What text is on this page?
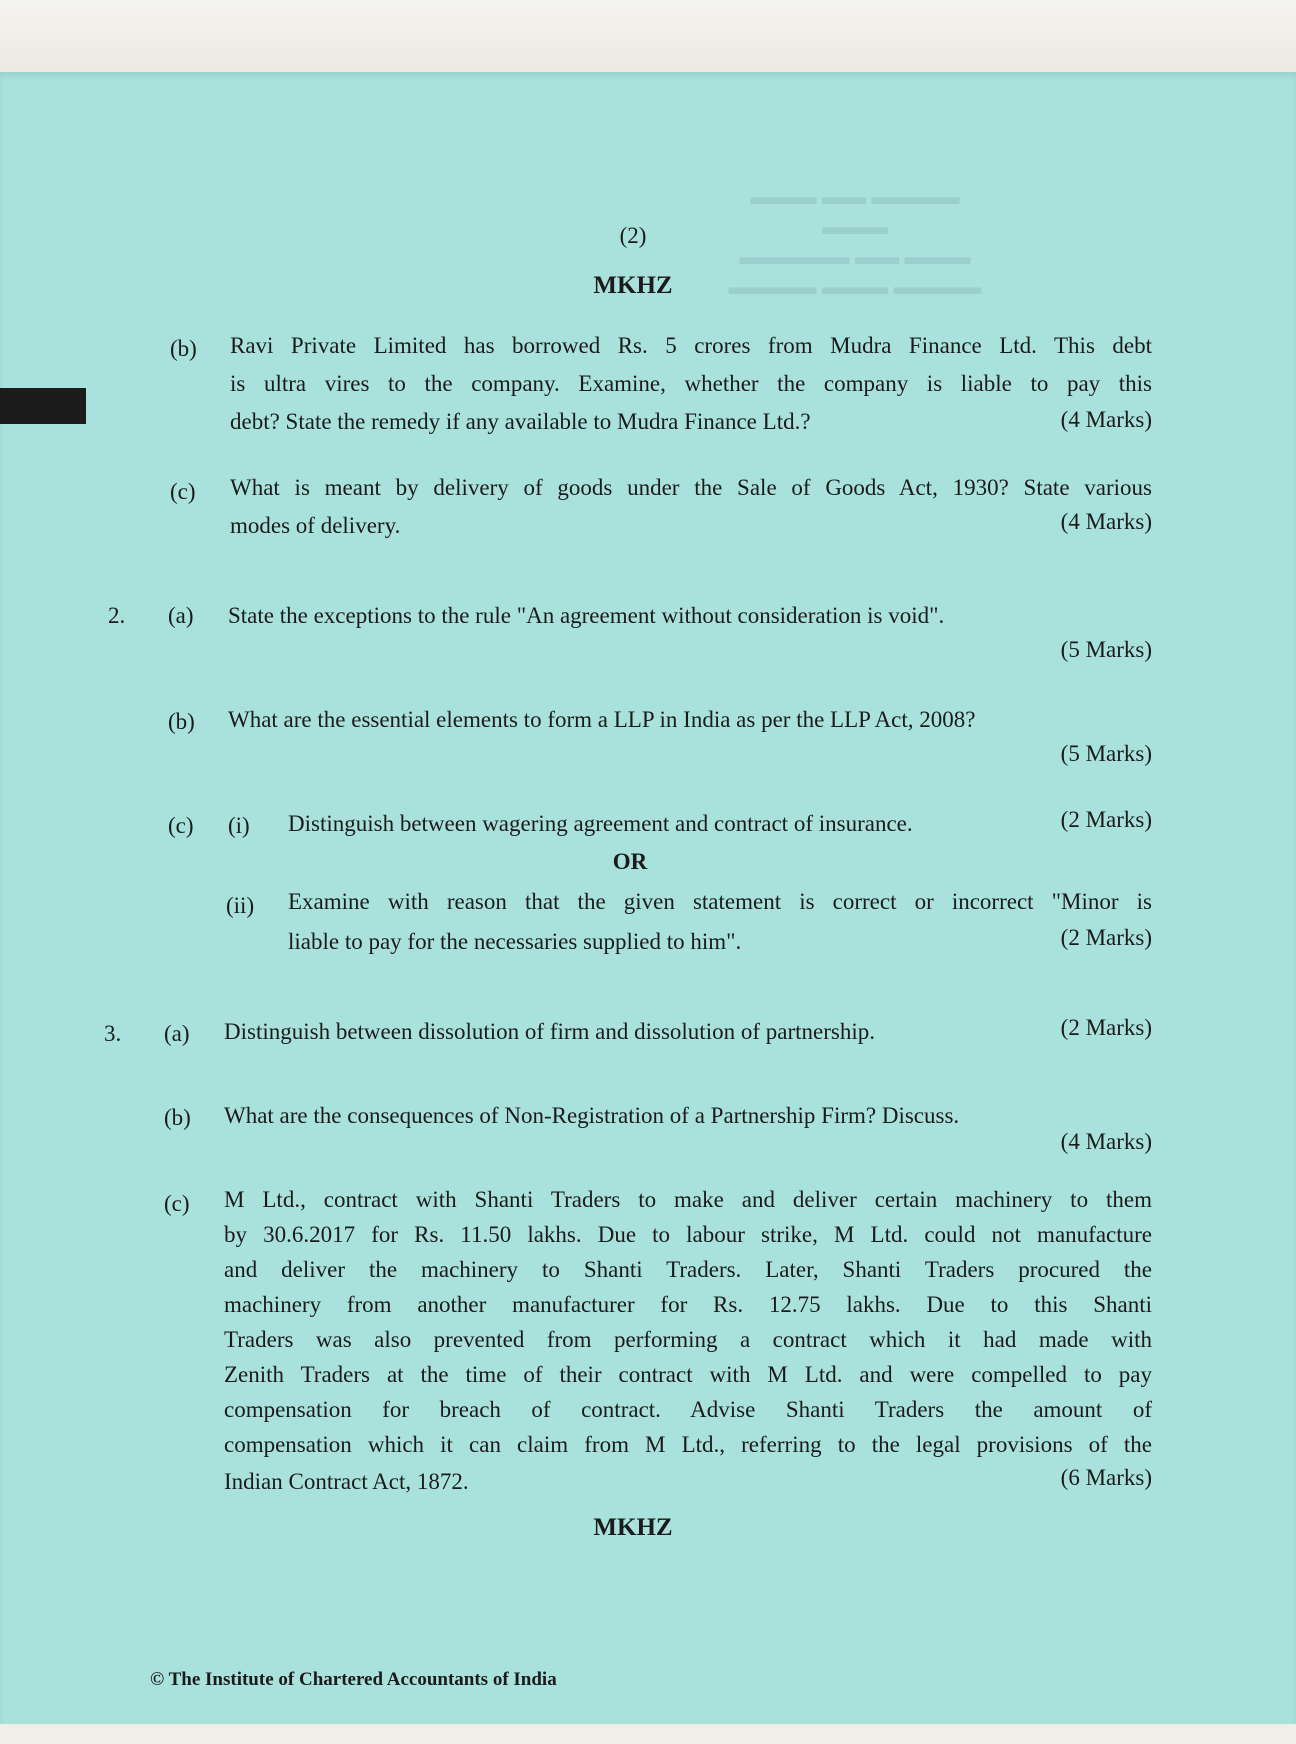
▬▬▬▬ ▬▬ ▬▬▬
▬▬▬
▬▬▬ ▬▬ ▬▬▬▬▬
▬▬▬▬ ▬▬▬ ▬▬▬▬

(2)

MKHZ

(b) Ravi Private Limited has borrowed Rs. 5 crores from Mudra Finance Ltd. This debt

is ultra vires to the company. Examine, whether the company is liable to pay this

debt? State the remedy if any available to Mudra Finance Ltd.?	(4 Marks)

(c) What is meant by delivery of goods under the Sale of Goods Act, 1930? State various

modes of delivery.	(4 Marks)

2. (a) State the exceptions to the rule "An agreement without consideration is void".

(5 Marks)

(b) What are the essential elements to form a LLP in India as per the LLP Act, 2008?

(5 Marks)

(c) (i) Distinguish between wagering agreement and contract of insurance.	(2 Marks)

OR

(ii) Examine with reason that the given statement is correct or incorrect "Minor is

liable to pay for the necessaries supplied to him".	(2 Marks)

3. (a) Distinguish between dissolution of firm and dissolution of partnership.	(2 Marks)

(b) What are the consequences of Non-Registration of a Partnership Firm? Discuss.

(4 Marks)

(c) M Ltd., contract with Shanti Traders to make and deliver certain machinery to them

by 30.6.2017 for Rs. 11.50 lakhs. Due to labour strike, M Ltd. could not manufacture

and deliver the machinery to Shanti Traders. Later, Shanti Traders procured the

machinery from another manufacturer for Rs. 12.75 lakhs. Due to this Shanti

Traders was also prevented from performing a contract which it had made with

Zenith Traders at the time of their contract with M Ltd. and were compelled to pay

compensation for breach of contract. Advise Shanti Traders the amount of

compensation which it can claim from M Ltd., referring to the legal provisions of the

Indian Contract Act, 1872.	(6 Marks)

MKHZ

© The Institute of Chartered Accountants of India
